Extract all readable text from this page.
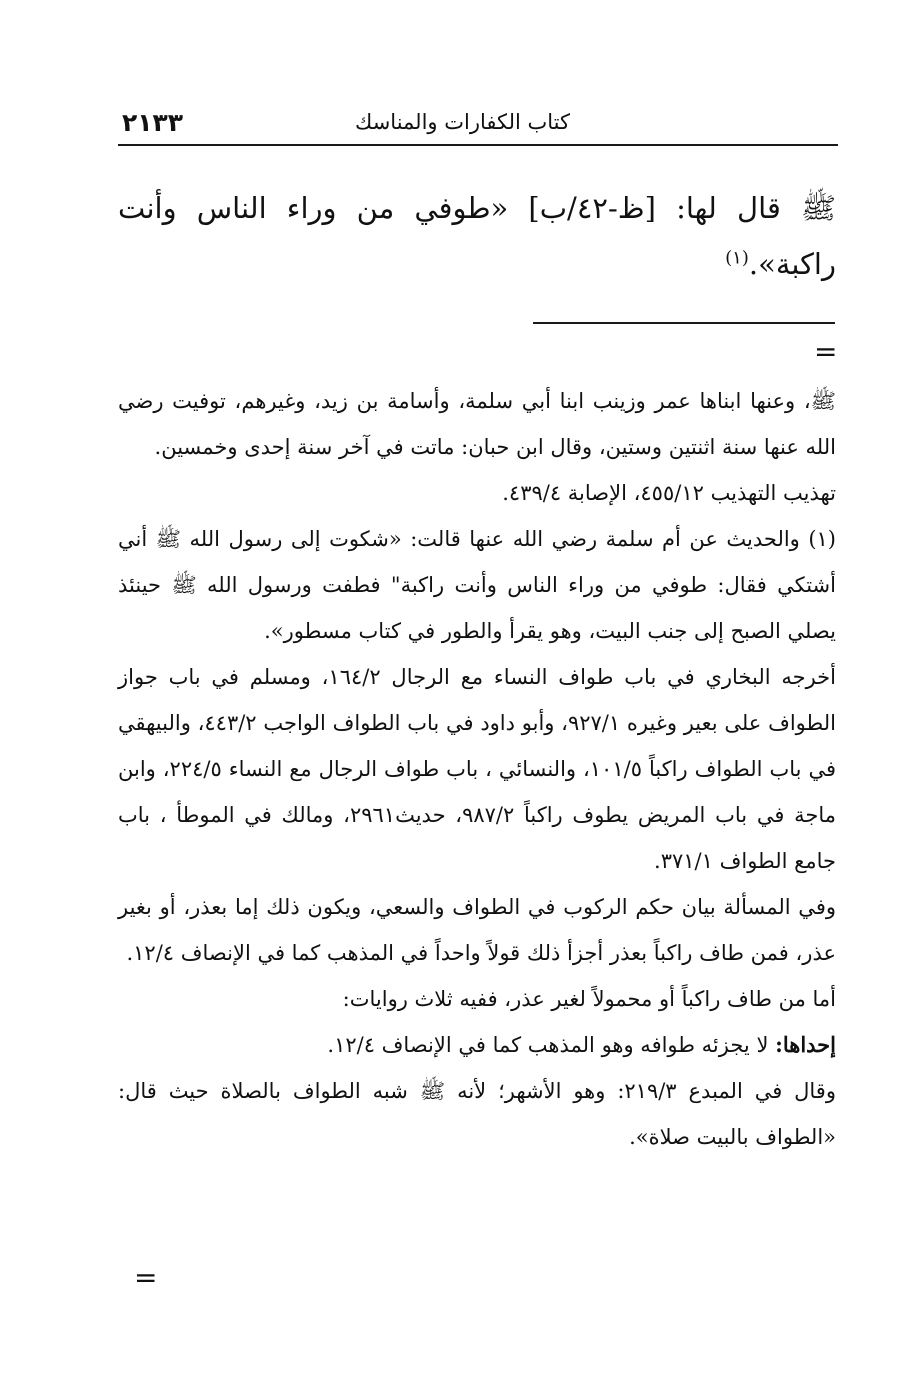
٢١٣٣	كتاب الكفارات والمناسك
ﷺ قال لها: [ظ-٤٢/ب] «طوفي من وراء الناس وأنت راكبة».$^{(١)}$
=

ﷺ، وعنها ابناها عمر وزينب ابنا أبي سلمة، وأسامة بن زيد، وغيرهم، توفيت رضي الله عنها سنة اثنتين وستين، وقال ابن حبان: ماتت في آخر سنة إحدى وخمسين.

تهذيب التهذيب ٤٥٥/١٢، الإصابة ٤٣٩/٤.

(١) والحديث عن أم سلمة رضي الله عنها قالت: «شكوت إلى رسول الله ﷺ أني أشتكي فقال: طوفي من وراء الناس وأنت راكبة" فطفت ورسول الله ﷺ حينئذ يصلي الصبح إلى جنب البيت، وهو يقرأ والطور في كتاب مسطور».

أخرجه البخاري في باب طواف النساء مع الرجال ١٦٤/٢، ومسلم في باب جواز الطواف على بعير وغيره ٩٢٧/١، وأبو داود في باب الطواف الواجب ٤٤٣/٢، والبيهقي في باب الطواف راكباً ١٠١/٥، والنسائي ، باب طواف الرجال مع النساء ٢٢٤/٥، وابن ماجة في باب المريض يطوف راكباً ٩٨٧/٢، حديث٢٩٦١، ومالك في الموطأ ، باب جامع الطواف ٣٧١/١.

وفي المسألة بيان حكم الركوب في الطواف والسعي، ويكون ذلك إما بعذر، أو بغير عذر، فمن طاف راكباً بعذر أجزأ ذلك قولاً واحداً في المذهب كما في الإنصاف ١٢/٤.

أما من طاف راكباً أو محمولاً لغير عذر، ففيه ثلاث روايات:

إحداها: لا يجزئه طوافه وهو المذهب كما في الإنصاف ١٢/٤.

وقال في المبدع ٢١٩/٣: وهو الأشهر؛ لأنه ﷺ شبه الطواف بالصلاة حيث قال: «الطواف بالبيت صلاة».

=
